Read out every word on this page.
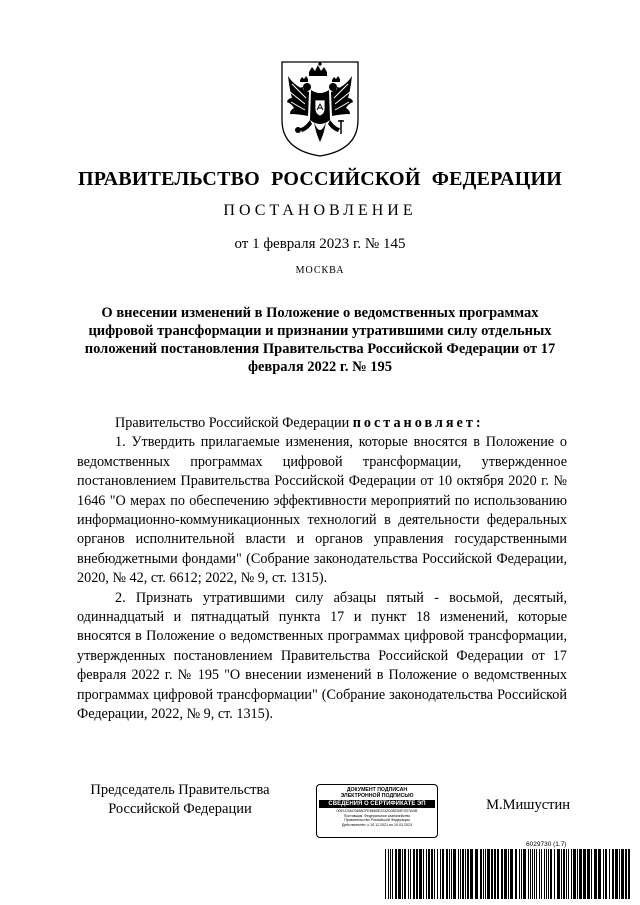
ПРАВИТЕЛЬСТВО РОССИЙСКОЙ ФЕДЕРАЦИИ
ПОСТАНОВЛЕНИЕ
от 1 февраля 2023 г. № 145
МОСКВА
О внесении изменений в Положение о ведомственных программах цифровой трансформации и признании утратившими силу отдельных положений постановления Правительства Российской Федерации от 17 февраля 2022 г. № 195

Правительство Российской Федерации постановляет:

1. Утвердить прилагаемые изменения, которые вносятся в Положение о ведомственных программах цифровой трансформации, утвержденное постановлением Правительства Российской Федерации от 10 октября 2020 г. № 1646 "О мерах по обеспечению эффективности мероприятий по использованию информационно-коммуникационных технологий в деятельности федеральных органов исполнительной власти и органов управления государственными внебюджетными фондами" (Собрание законодательства Российской Федерации, 2020, № 42, ст. 6612; 2022, № 9, ст. 1315).

2. Признать утратившими силу абзацы пятый - восьмой, десятый, одиннадцатый и пятнадцатый пункта 17 и пункт 18 изменений, которые вносятся в Положение о ведомственных программах цифровой трансформации, утвержденных постановлением Правительства Российской Федерации от 17 февраля 2022 г. № 195 "О внесении изменений в Положение о ведомственных программах цифровой трансформации" (Собрание законодательства Российской Федерации, 2022, № 9, ст. 1315).

Председатель Правительства
Российской Федерации
ДОКУМЕНТ ПОДПИСАН
ЭЛЕКТРОННОЙ ПОДПИСЬЮ
СВЕДЕНИЯ О СЕРТИФИКАТЕ ЭП
00E1C5AC9468CFE8660E2232D08C59F2D7ADB
Поставщик: Федеральное казначейство
Правительство Российской Федерации
Действителен: с 10.12.2021 по 10.03.2023
М.Мишустин
6029730 (1.7)
